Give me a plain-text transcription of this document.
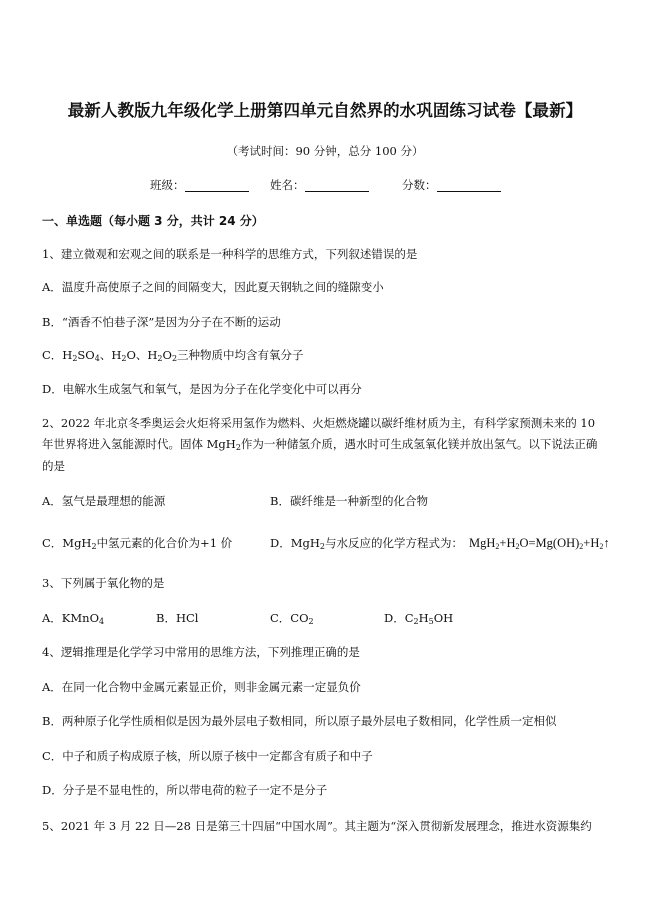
最新人教版九年级化学上册第四单元自然界的水巩固练习试卷【最新】
（考试时间：90 分钟，总分 100 分）
班级：	姓名：	分数：
一、单选题（每小题 3 分，共计 24 分）
1、建立微观和宏观之间的联系是一种科学的思维方式，下列叙述错误的是
A．温度升高使原子之间的间隔变大，因此夏天钢轨之间的缝隙变小
B．“酒香不怕巷子深”是因为分子在不断的运动
C．$H_2SO_4$、$H_2O$、$H_2O_2$三种物质中均含有氧分子
D．电解水生成氢气和氧气，是因为分子在化学变化中可以再分
2、2022 年北京冬季奥运会火炬将采用氢作为燃料、火炬燃烧罐以碳纤维材质为主，有科学家预测未来的 10
年世界将进入氢能源时代。固体 MgH$_2$作为一种储氢介质，遇水时可生成氢氧化镁并放出氢气。以下说法正确
的是
A．氢气是最理想的能源	B．碳纤维是一种新型的化合物
C．MgH$_2$中氢元素的化合价为+1 价	D．MgH$_2$与水反应的化学方程式为： $MgH_2+H_2O=Mg(OH)_2+H_2↑$
3、下列属于氧化物的是
A．KMnO$_4$	B．HCl	C．$CO_2$	D．$C_2H_5OH$
4、逻辑推理是化学学习中常用的思维方法，下列推理正确的是
A．在同一化合物中金属元素显正价，则非金属元素一定显负价
B．两种原子化学性质相似是因为最外层电子数相同，所以原子最外层电子数相同，化学性质一定相似
C．中子和质子构成原子核，所以原子核中一定都含有质子和中子
D．分子是不显电性的，所以带电荷的粒子一定不是分子
5、2021 年 3 月 22 日—28 日是第三十四届“中国水周”。其主题为“深入贯彻新发展理念，推进水资源集约
